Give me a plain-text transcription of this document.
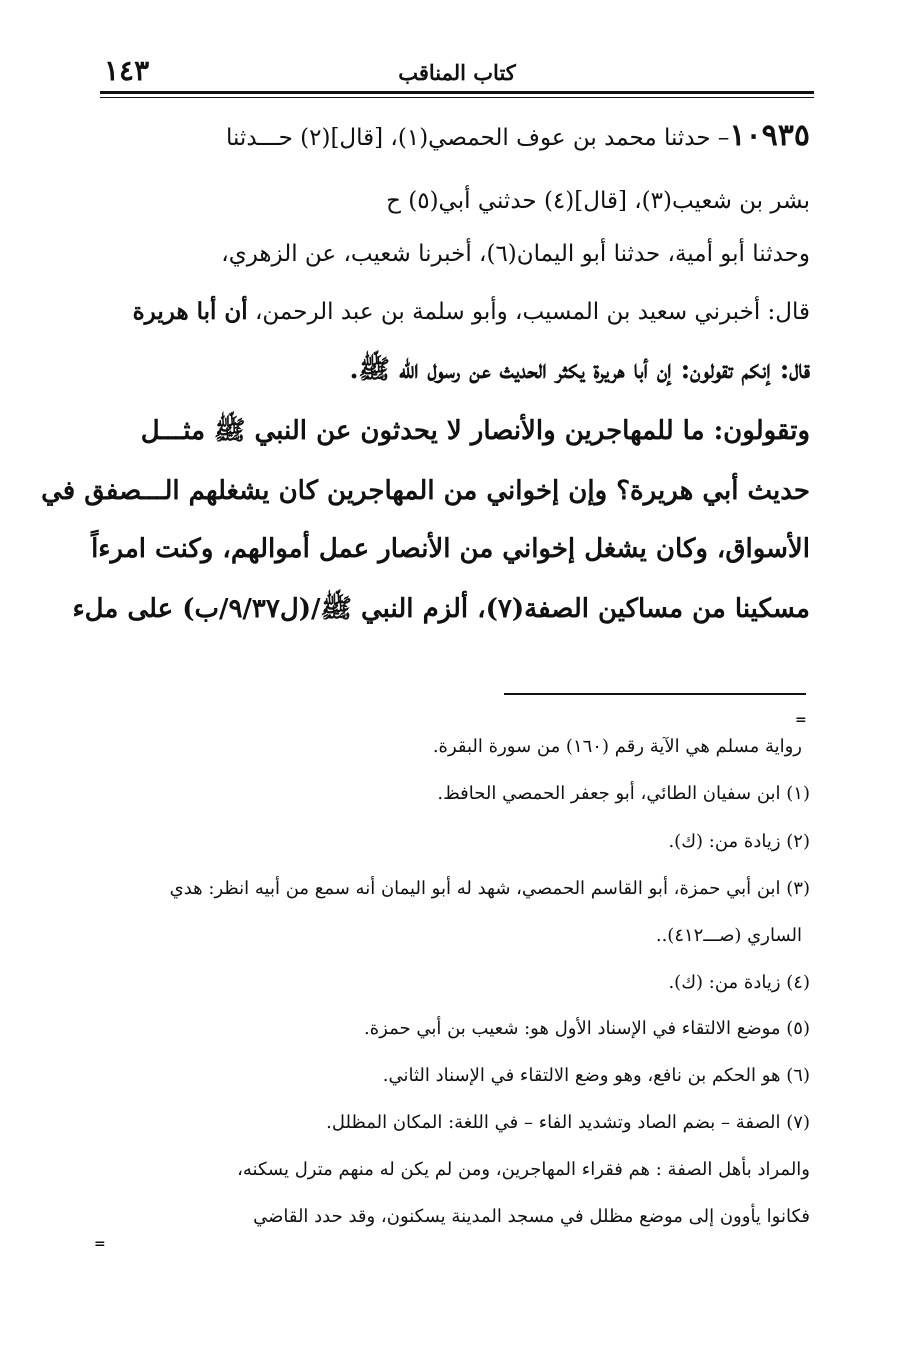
كتاب المناقب
١٤٣
١٠٩٣٥– حدثنا محمد بن عوف الحمصي(١)، [قال](٢) حـــدثنا
بشر بن شعيب(٣)، [قال](٤) حدثني أبي(٥) ح
وحدثنا أبو أمية، حدثنا أبو اليمان(٦)، أخبرنا شعيب، عن الزهري،
قال: أخبرني سعيد بن المسيب، وأبو سلمة بن عبد الرحمن، أن أبا هريرة
قال: إنكم تقولون: إن أبا هريرة يكثر الحديث عن رسول الله ﷺ.
وتقولون: ما للمهاجرين والأنصار لا يحدثون عن النبي ﷺ مثـــل
حديث أبي هريرة؟ وإن إخواني من المهاجرين كان يشغلهم الـــصفق في
الأسواق، وكان يشغل إخواني من الأنصار عمل أموالهم، وكنت امرءاً
مسكينا من مساكين الصفة(٧)، ألزم النبي ﷺ/(ل٩/٣٧/ب) على ملء
=
رواية مسلم هي الآية رقم (١٦٠) من سورة البقرة.
(١) ابن سفيان الطائي، أبو جعفر الحمصي الحافظ.
(٢) زيادة من: (ك).
(٣) ابن أبي حمزة، أبو القاسم الحمصي، شهد له أبو اليمان أنه سمع من أبيه انظر: هدي
الساري (صـــ٤١٢)..
(٤) زيادة من: (ك).
(٥) موضع الالتقاء في الإسناد الأول هو: شعيب بن أبي حمزة.
(٦) هو الحكم بن نافع، وهو وضع الالتقاء في الإسناد الثاني.
(٧) الصفة – بضم الصاد وتشديد الفاء – في اللغة: المكان المظلل.
والمراد بأهل الصفة : هم فقراء المهاجرين، ومن لم يكن له منهم مترل يسكنه،
فكانوا يأوون إلى موضع مظلل في مسجد المدينة يسكنون، وقد حدد القاضي
=
